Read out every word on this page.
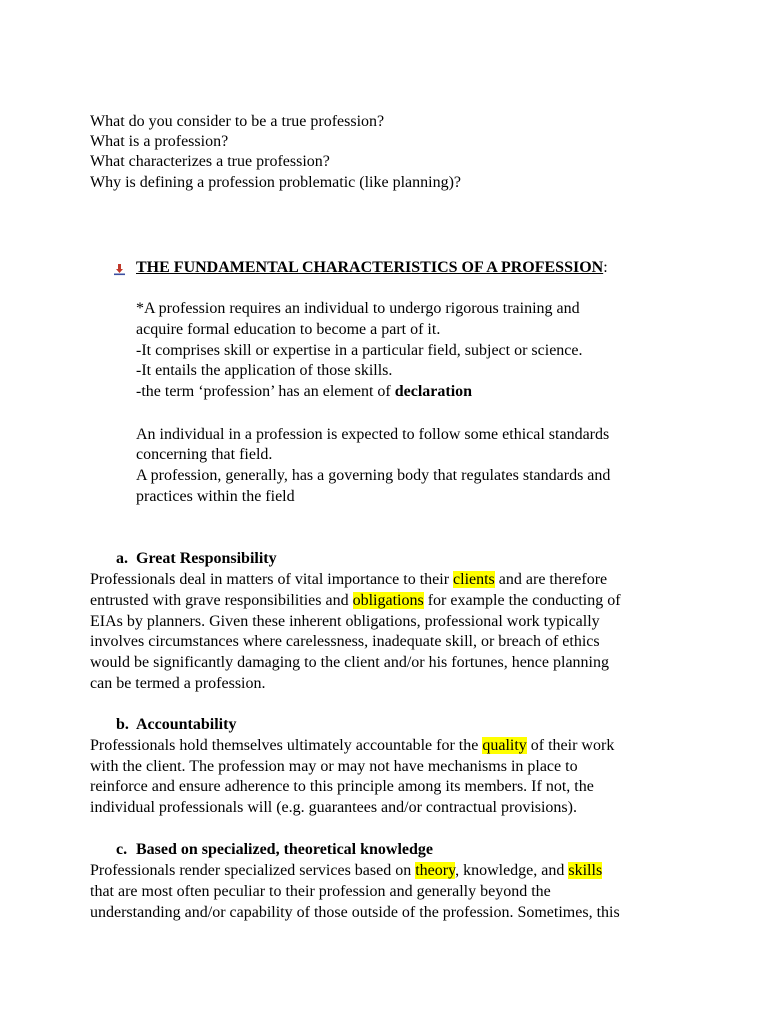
What do you consider to be a true profession?
What is a profession?
What characterizes a true profession?
Why is defining a profession problematic (like planning)?
THE FUNDAMENTAL CHARACTERISTICS OF A PROFESSION:
*A profession requires an individual to undergo rigorous training and
acquire formal education to become a part of it.
-It comprises skill or expertise in a particular field, subject or science.
-It entails the application of those skills.
-the term ‘profession’ has an element of declaration
An individual in a profession is expected to follow some ethical standards
concerning that field.
A profession, generally, has a governing body that regulates standards and
practices within the field
a. Great Responsibility
Professionals deal in matters of vital importance to their clients and are therefore
entrusted with grave responsibilities and obligations for example the conducting of
EIAs by planners. Given these inherent obligations, professional work typically
involves circumstances where carelessness, inadequate skill, or breach of ethics
would be significantly damaging to the client and/or his fortunes, hence planning
can be termed a profession.
b. Accountability
Professionals hold themselves ultimately accountable for the quality of their work
with the client. The profession may or may not have mechanisms in place to
reinforce and ensure adherence to this principle among its members. If not, the
individual professionals will (e.g. guarantees and/or contractual provisions).
c. Based on specialized, theoretical knowledge
Professionals render specialized services based on theory, knowledge, and skills
that are most often peculiar to their profession and generally beyond the
understanding and/or capability of those outside of the profession. Sometimes, this
